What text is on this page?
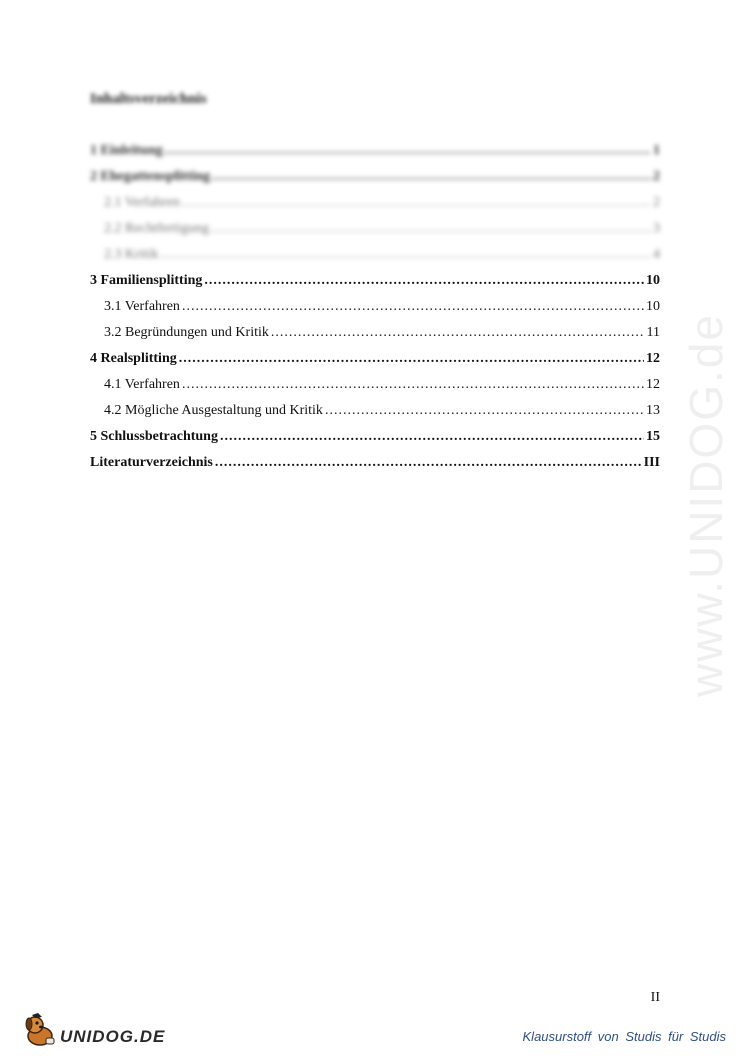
www.UNIDOG.de
Inhaltsverzeichnis
1 Einleitung .....	1
2 Ehegattensplitting .....	2
2.1 Verfahren .....	2
2.2 Rechtfertigung .....	3
2.3 Kritik .....	4
3 Familiensplitting .....	10
3.1 Verfahren .....	10
3.2 Begründungen und Kritik .....	11
4 Realsplitting .....	12
4.1 Verfahren .....	12
4.2 Mögliche Ausgestaltung und Kritik .....	13
5 Schlussbetrachtung .....	15
Literaturverzeichnis .....	III
II
UNIDOG.DE	Klausurstoff von Studis für Studis
